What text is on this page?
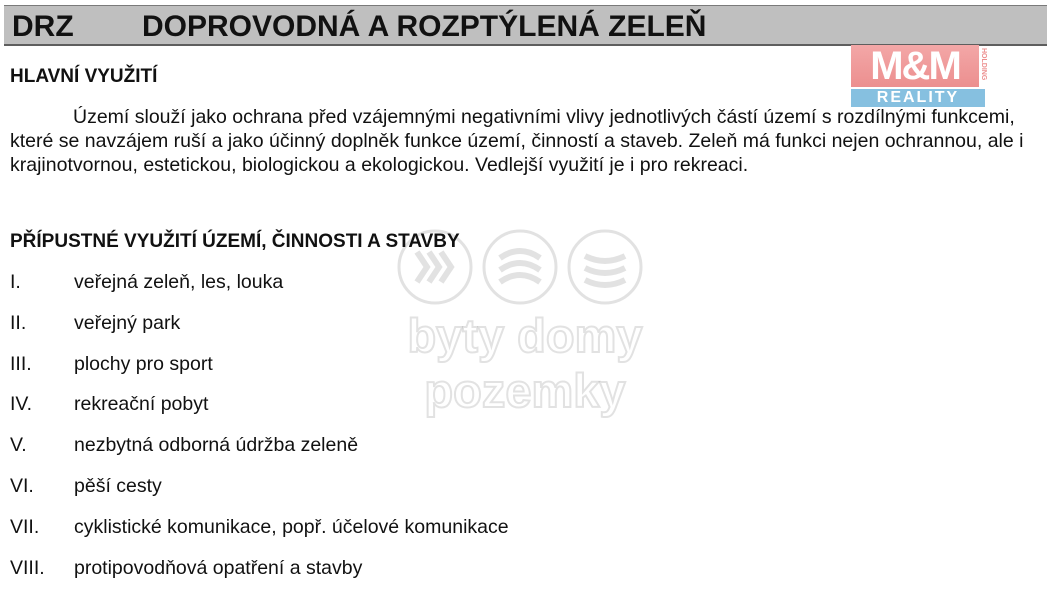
DRZ DOPROVODNÁ A ROZPTÝLENÁ ZELEŇ
M&M	HOLDING
REALITY
byty domy pozemky
HLAVNÍ VYUŽITÍ

Území slouží jako ochrana před vzájemnými negativními vlivy jednotlivých částí území s rozdílnými funkcemi, které se navzájem ruší a jako účinný doplněk funkce území, činností a staveb. Zeleň má funkci nejen ochrannou, ale i krajinotvornou, estetickou, biologickou a ekologickou. Vedlejší využití je i pro rekreaci.

PŘÍPUSTNÉ VYUŽITÍ ÚZEMÍ, ČINNOSTI A STAVBY
I.	veřejná zeleň, les, louka
II. veřejný park
III. plochy pro sport
IV. rekreační pobyt
V. nezbytná odborná údržba zeleně
VI. pěší cesty
VII. cyklistické komunikace, popř. účelové komunikace
VIII. protipovodňová opatření a stavby
